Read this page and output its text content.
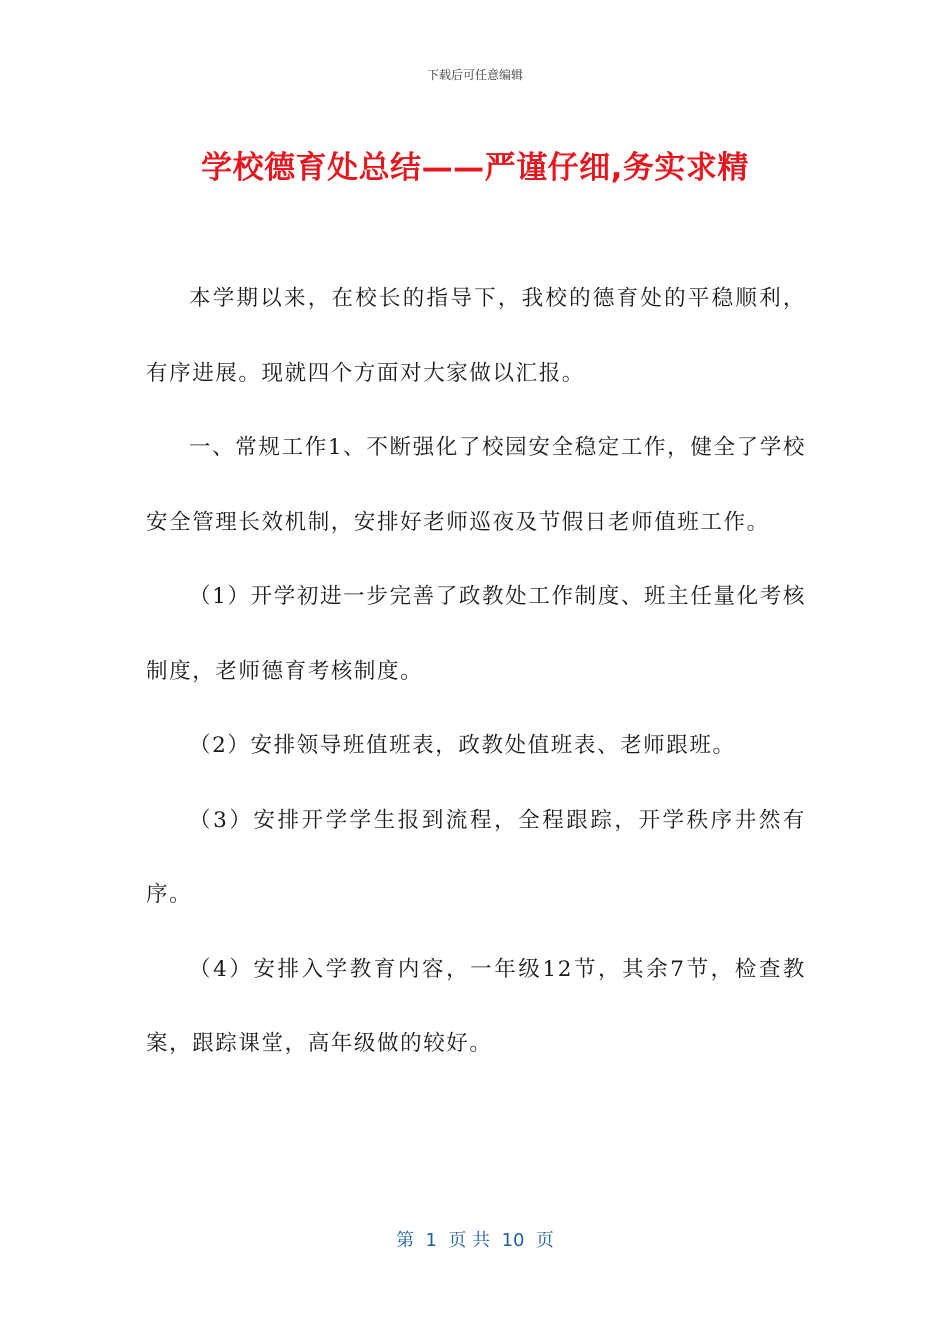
下载后可任意编辑
学校德育处总结——严谨仔细,务实求精

本学期以来，在校长的指导下，我校的德育处的平稳顺利，有序进展。现就四个方面对大家做以汇报。

一、常规工作1、不断强化了校园安全稳定工作，健全了学校安全管理长效机制，安排好老师巡夜及节假日老师值班工作。

（1）开学初进一步完善了政教处工作制度、班主任量化考核制度，老师德育考核制度。

（2）安排领导班值班表，政教处值班表、老师跟班。

（3）安排开学学生报到流程，全程跟踪，开学秩序井然有序。

（4）安排入学教育内容，一年级12节，其余7节，检查教案，跟踪课堂，高年级做的较好。

第  1  页 共  10  页
